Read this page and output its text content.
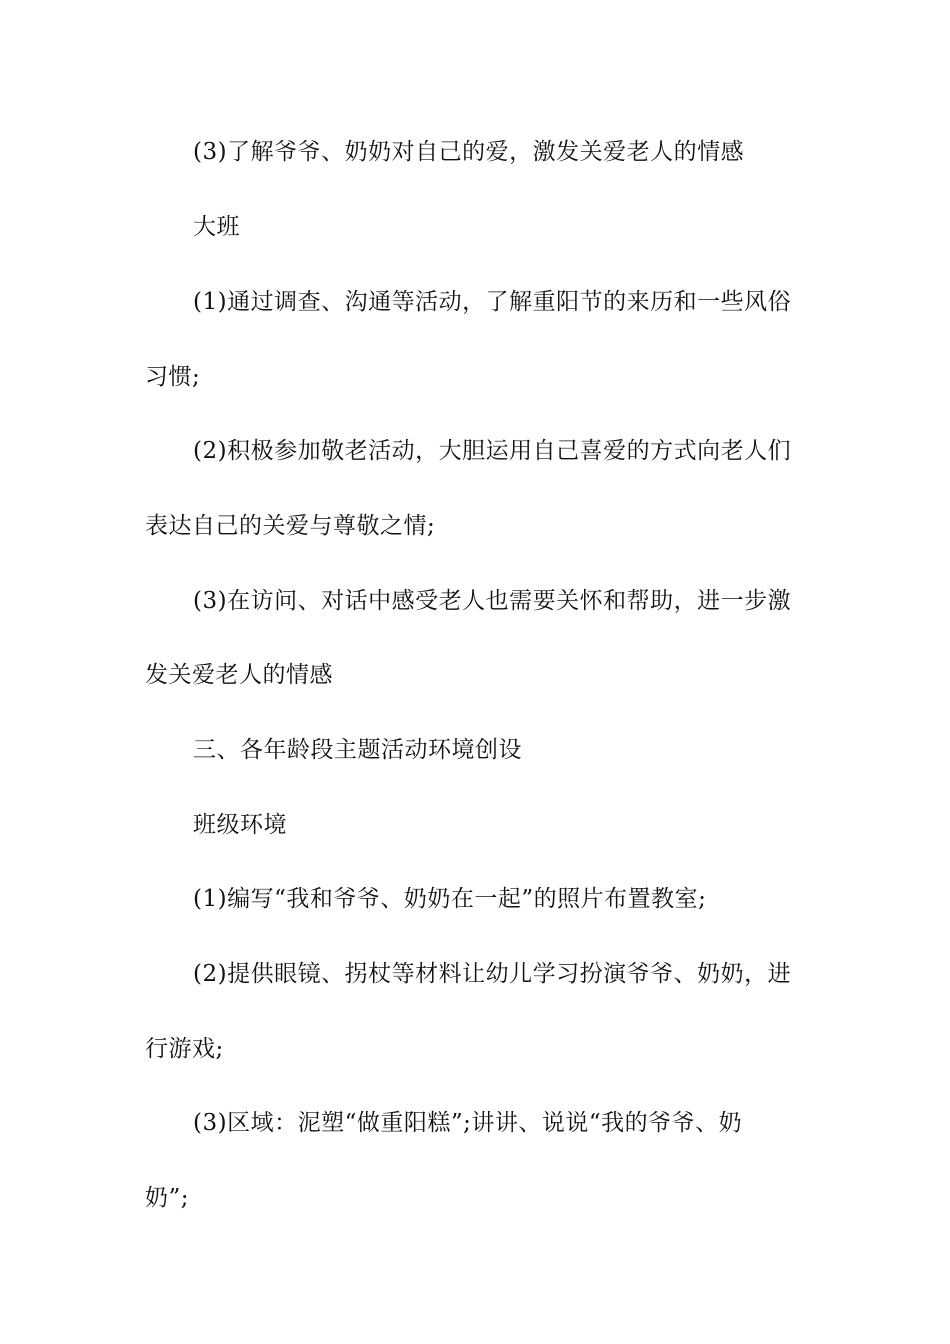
(3)了解爷爷、奶奶对自己的爱，激发关爱老人的情感
大班
(1)通过调查、沟通等活动，了解重阳节的来历和一些风俗
习惯;
(2)积极参加敬老活动，大胆运用自己喜爱的方式向老人们
表达自己的关爱与尊敬之情;
(3)在访问、对话中感受老人也需要关怀和帮助，进一步激
发关爱老人的情感
三、各年龄段主题活动环境创设
班级环境
(1)编写“我和爷爷、奶奶在一起”的照片布置教室;
(2)提供眼镜、拐杖等材料让幼儿学习扮演爷爷、奶奶，进
行游戏;
(3)区域：泥塑“做重阳糕”;讲讲、说说“我的爷爷、奶
奶”;
